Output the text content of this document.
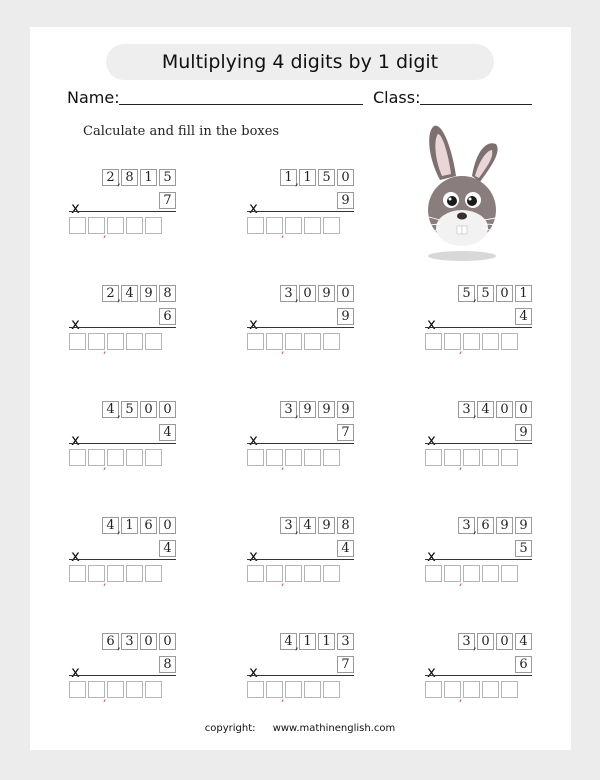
Multiplying 4 digits by 1 digit
Name:	Class:
Calculate and fill in the boxes
2 8
,	1 5
x	7
,
1 1
,	5 0
x	9
,
2 4
,	9 8
x	6
,
3 0
,	9 0
x	9
,
5 5
,	0 1
x	4
,
4 5
,	0 0
x	4
,
3 9
,	9 9
x	7
,
3 4
,	0 0
x	9
,
4 1
,	6 0
x	4
,
3 4
,	9 8
x	4
,
3 6
,	9 9
x	5
,
6 3
,	0 0
x	8
,
4 1
,	1 3
x	7
,
3 0
,	0 4
x	6
,
copyright: www.mathinenglish.com
